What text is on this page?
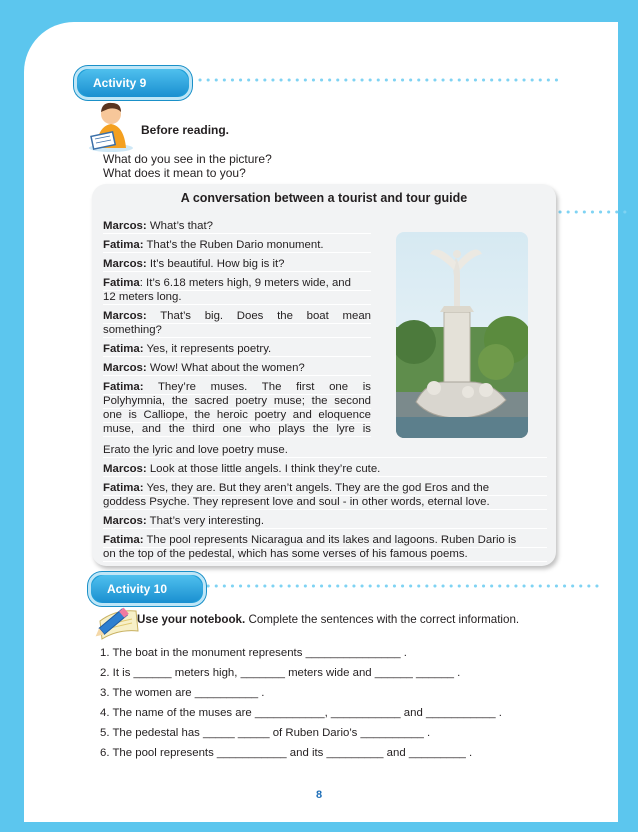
Activity 9
Before reading.
What do you see in the picture?
What does it mean to you?
A conversation between a tourist and tour guide
Marcos: What’s that?
Fatima: That’s the Ruben Dario monument.
Marcos: It’s beautiful. How big is it?
Fatima: It’s 6.18 meters high, 9 meters wide, and
12 meters long.
Marcos: That’s big. Does the boat mean
something?
Fatima: Yes, it represents poetry.
Marcos: Wow! What about the women?
Fatima: They’re muses. The first one is
Polyhymnia, the sacred poetry muse; the second
one is Calliope, the heroic poetry and eloquence
muse, and the third one who plays the lyre is
Erato the lyric and love poetry muse.
Marcos: Look at those little angels. I think they’re cute.
Fatima: Yes, they are. But they aren’t angels. They are the god Eros and the
goddess Psyche. They represent love and soul - in other words, eternal love.
Marcos: That’s very interesting.
Fatima: The pool represents Nicaragua and its lakes and lagoons. Ruben Dario is
on the top of the pedestal, which has some verses of his famous poems.
Activity 10
Use your notebook. Complete the sentences with the correct information.
1. The boat in the monument represents _______________ .
2. It is ______ meters high, _______ meters wide and ______ ______ .
3. The women are __________ .
4. The name of the muses are ___________, ___________ and ___________ .
5. The pedestal has _____ _____ of Ruben Dario’s __________ .
6. The pool represents ___________ and its _________ and _________ .
8
